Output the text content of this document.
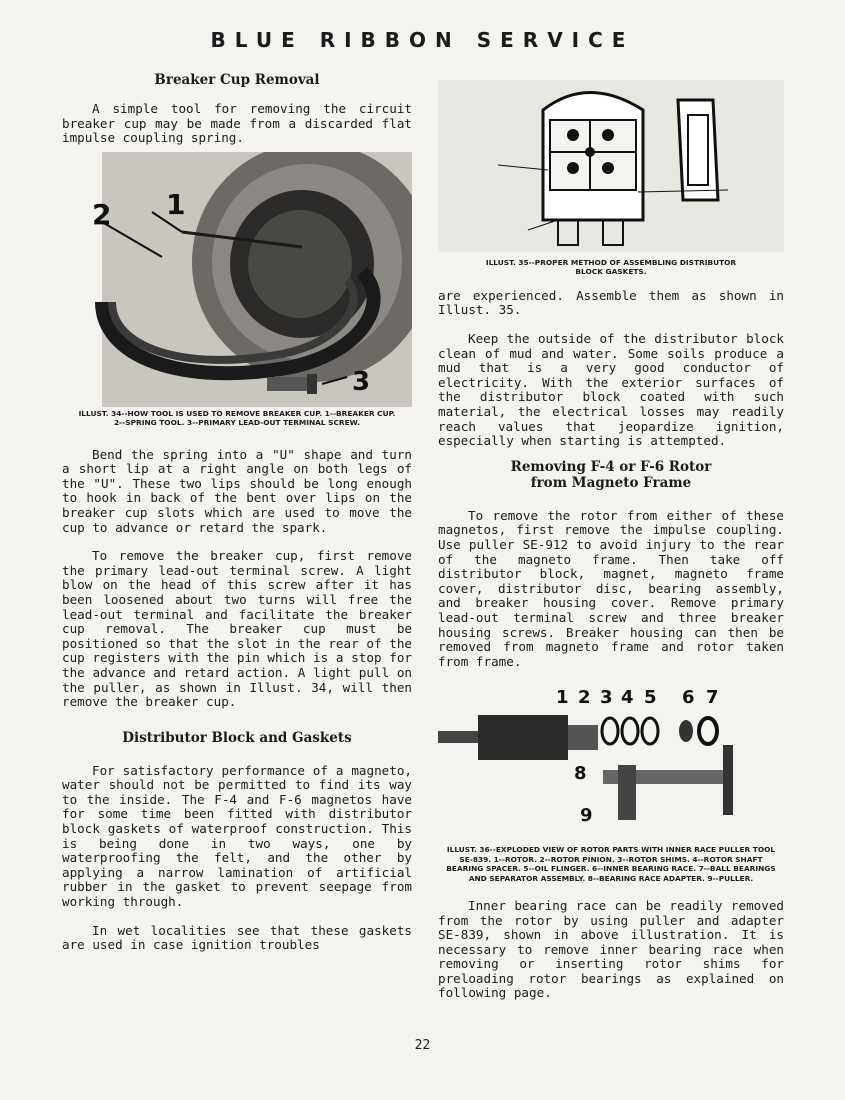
BLUE RIBBON SERVICE
Breaker Cup Removal

A simple tool for removing the circuit breaker cup may be made from a discarded flat impulse coupling spring.

1
2
3

ILLUST. 34--HOW TOOL IS USED TO REMOVE BREAKER CUP. 1--BREAKER CUP. 2--SPRING TOOL. 3--PRIMARY LEAD-OUT TERMINAL SCREW.

Bend the spring into a "U" shape and turn a short lip at a right angle on both legs of the "U". These two lips should be long enough to hook in back of the bent over lips on the breaker cup slots which are used to move the cup to advance or retard the spark.

To remove the breaker cup, first remove the primary lead-out terminal screw. A light blow on the head of this screw after it has been loosened about two turns will free the lead-out terminal and facilitate the breaker cup removal. The breaker cup must be positioned so that the slot in the rear of the cup registers with the pin which is a stop for the advance and retard action. A light pull on the puller, as shown in Illust. 34, will then remove the breaker cup.

Distributor Block and Gaskets

For satisfactory performance of a magneto, water should not be permitted to find its way to the inside. The F-4 and F-6 magnetos have for some time been fitted with distributor block gaskets of waterproof construction. This is being done in two ways, one by waterproofing the felt, and the other by applying a narrow lamination of artificial rubber in the gasket to prevent seepage from working through.

In wet localities see that these gaskets are used in case ignition troubles

ILLUST. 35--PROPER METHOD OF ASSEMBLING DISTRIBUTOR BLOCK GASKETS.

are experienced. Assemble them as shown in Illust. 35.

Keep the outside of the distributor block clean of mud and water. Some soils produce a mud that is a very good conductor of electricity. With the exterior surfaces of the distributor block coated with such material, the electrical losses may readily reach values that jeopardize ignition, especially when starting is attempted.

Removing F-4 or F-6 Rotor from Magneto Frame

To remove the rotor from either of these magnetos, first remove the impulse coupling. Use puller SE-912 to avoid injury to the rear of the magneto frame. Then take off distributor block, magnet, magneto frame cover, distributor disc, bearing assembly, and breaker housing cover. Remove primary lead-out terminal screw and three breaker housing screws. Breaker housing can then be removed from magneto frame and rotor taken from frame.

1 2 3 4 5 6 7
8
9

ILLUST. 36--EXPLODED VIEW OF ROTOR PARTS WITH INNER RACE PULLER TOOL SE-839. 1--ROTOR. 2--ROTOR PINION. 3--ROTOR SHIMS. 4--ROTOR SHAFT BEARING SPACER. 5--OIL FLINGER. 6--INNER BEARING RACE. 7--BALL BEARINGS AND SEPARATOR ASSEMBLY. 8--BEARING RACE ADAPTER. 9--PULLER.

Inner bearing race can be readily removed from the rotor by using puller and adapter SE-839, shown in above illustration. It is necessary to remove inner bearing race when removing or inserting rotor shims for preloading rotor bearings as explained on following page.

22
